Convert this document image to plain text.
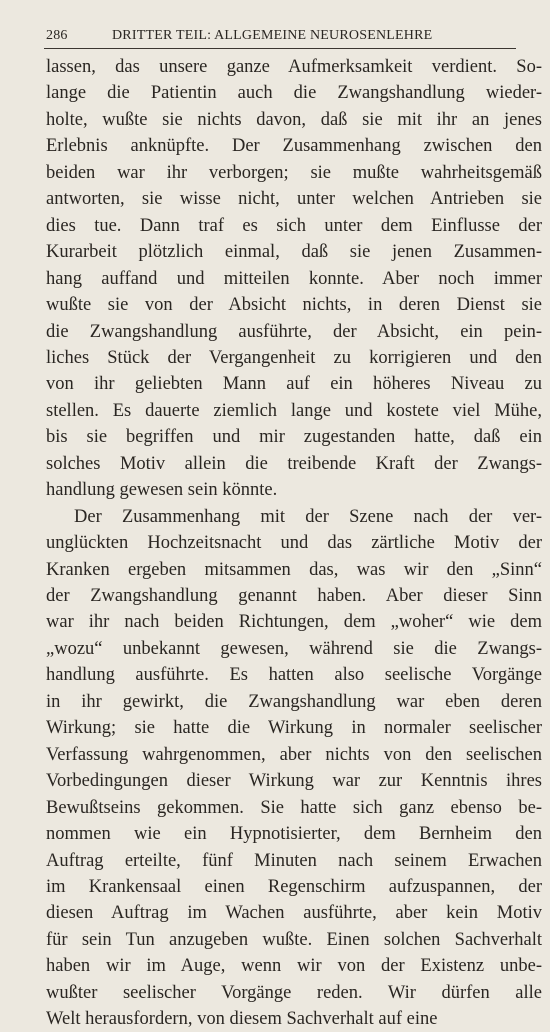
286	DRITTER TEIL: ALLGEMEINE NEUROSENLEHRE
lassen, das unsere ganze Aufmerksamkeit verdient. So-
lange die Patientin auch die Zwangshandlung wieder-
holte, wußte sie nichts davon, daß sie mit ihr an jenes
Erlebnis anknüpfte. Der Zusammenhang zwischen den
beiden war ihr verborgen; sie mußte wahrheitsgemäß
antworten, sie wisse nicht, unter welchen Antrieben sie
dies tue. Dann traf es sich unter dem Einflusse der
Kurarbeit plötzlich einmal, daß sie jenen Zusammen-
hang auffand und mitteilen konnte. Aber noch immer
wußte sie von der Absicht nichts, in deren Dienst sie
die Zwangshandlung ausführte, der Absicht, ein pein-
liches Stück der Vergangenheit zu korrigieren und den
von ihr geliebten Mann auf ein höheres Niveau zu
stellen. Es dauerte ziemlich lange und kostete viel Mühe,
bis sie begriffen und mir zugestanden hatte, daß ein
solches Motiv allein die treibende Kraft der Zwangs-
handlung gewesen sein könnte.
Der Zusammenhang mit der Szene nach der ver-
unglückten Hochzeitsnacht und das zärtliche Motiv der
Kranken ergeben mitsammen das, was wir den „Sinn“
der Zwangshandlung genannt haben. Aber dieser Sinn
war ihr nach beiden Richtungen, dem „woher“ wie dem
„wozu“ unbekannt gewesen, während sie die Zwangs-
handlung ausführte. Es hatten also seelische Vorgänge
in ihr gewirkt, die Zwangshandlung war eben deren
Wirkung; sie hatte die Wirkung in normaler seelischer
Verfassung wahrgenommen, aber nichts von den seelischen
Vorbedingungen dieser Wirkung war zur Kenntnis ihres
Bewußtseins gekommen. Sie hatte sich ganz ebenso be-
nommen wie ein Hypnotisierter, dem Bernheim den
Auftrag erteilte, fünf Minuten nach seinem Erwachen
im Krankensaal einen Regenschirm aufzuspannen, der
diesen Auftrag im Wachen ausführte, aber kein Motiv
für sein Tun anzugeben wußte. Einen solchen Sachverhalt
haben wir im Auge, wenn wir von der Existenz unbe-
wußter seelischer Vorgänge reden. Wir dürfen alle
Welt herausfordern, von diesem Sachverhalt auf eine
